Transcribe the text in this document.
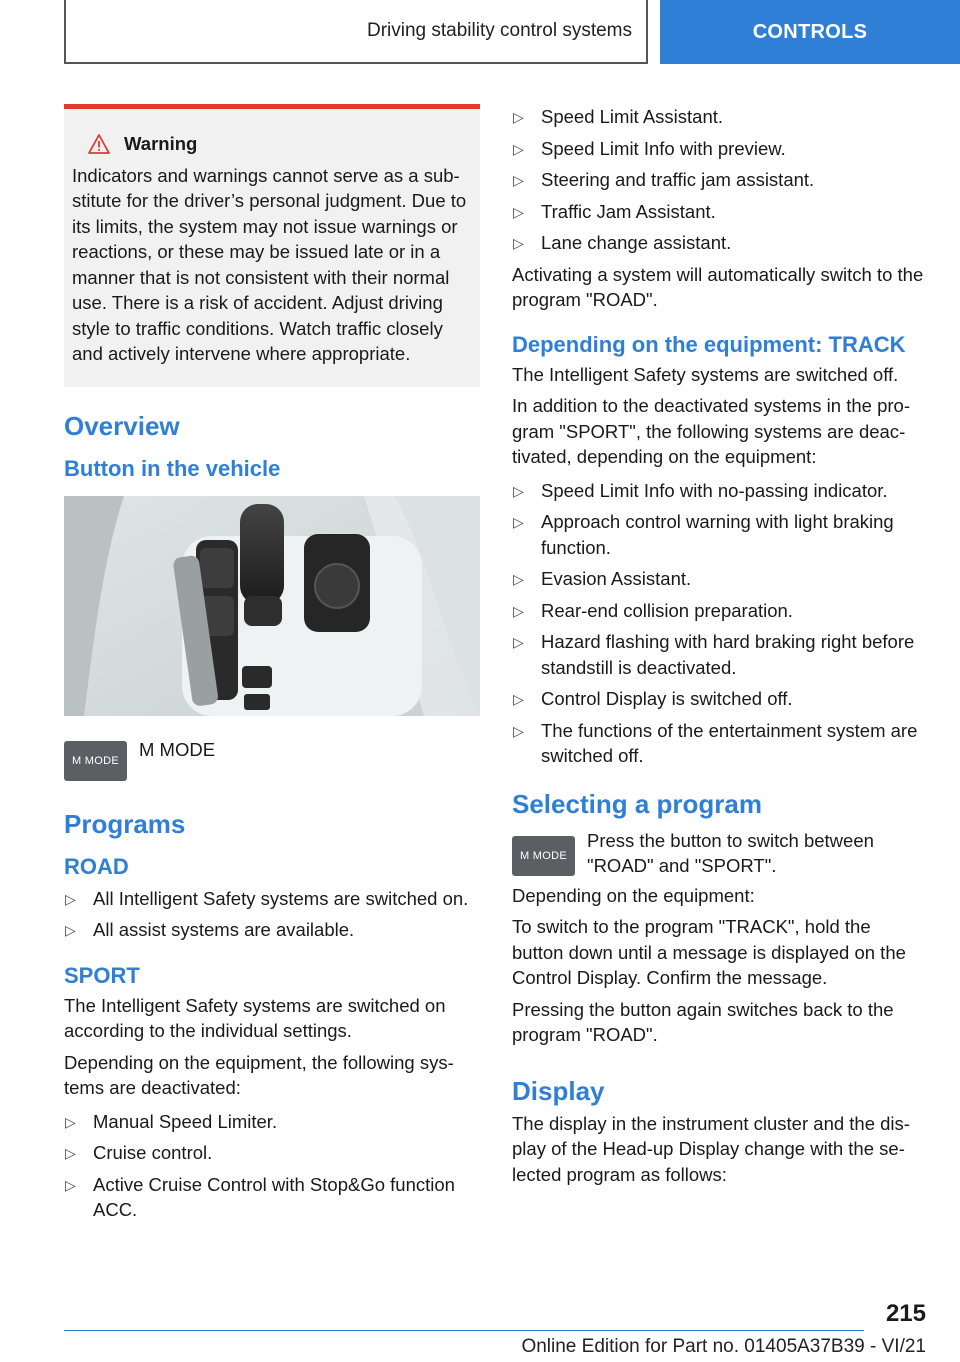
Driving stability control systems	CONTROLS
Warning

Indicators and warnings cannot serve as a substitute for the driver’s personal judgment. Due to its limits, the system may not issue warnings or reactions, or these may be issued late or in a manner that is not consistent with their normal use. There is a risk of accident. Adjust driving style to traffic conditions. Watch traffic closely and actively intervene where appropriate.

Overview
Button in the vehicle
M MODE
M MODE
Programs
ROAD
▷ All Intelligent Safety systems are switched on.
▷ All assist systems are available.
SPORT

The Intelligent Safety systems are switched on according to the individual settings.

Depending on the equipment, the following systems are deactivated:

▷ Manual Speed Limiter.
▷ Cruise control.
▷ Active Cruise Control with Stop&Go function ACC.
▷ Speed Limit Assistant.
▷ Speed Limit Info with preview.
▷ Steering and traffic jam assistant.
▷ Traffic Jam Assistant.
▷ Lane change assistant.

Activating a system will automatically switch to the program "ROAD".

Depending on the equipment: TRACK

The Intelligent Safety systems are switched off.

In addition to the deactivated systems in the program "SPORT", the following systems are deactivated, depending on the equipment:

▷ Speed Limit Info with no-passing indicator.
▷ Approach control warning with light braking function.
▷ Evasion Assistant.
▷ Rear-end collision preparation.
▷ Hazard flashing with hard braking right before standstill is deactivated.
▷ Control Display is switched off.
▷ The functions of the entertainment system are switched off.
Selecting a program
M MODE

Press the button to switch between "ROAD" and "SPORT".

Depending on the equipment:

To switch to the program "TRACK", hold the button down until a message is displayed on the Control Display. Confirm the message.

Pressing the button again switches back to the program "ROAD".

Display

The display in the instrument cluster and the display of the Head-up Display change with the selected program as follows:

215
Online Edition for Part no. 01405A37B39 - VI/21
